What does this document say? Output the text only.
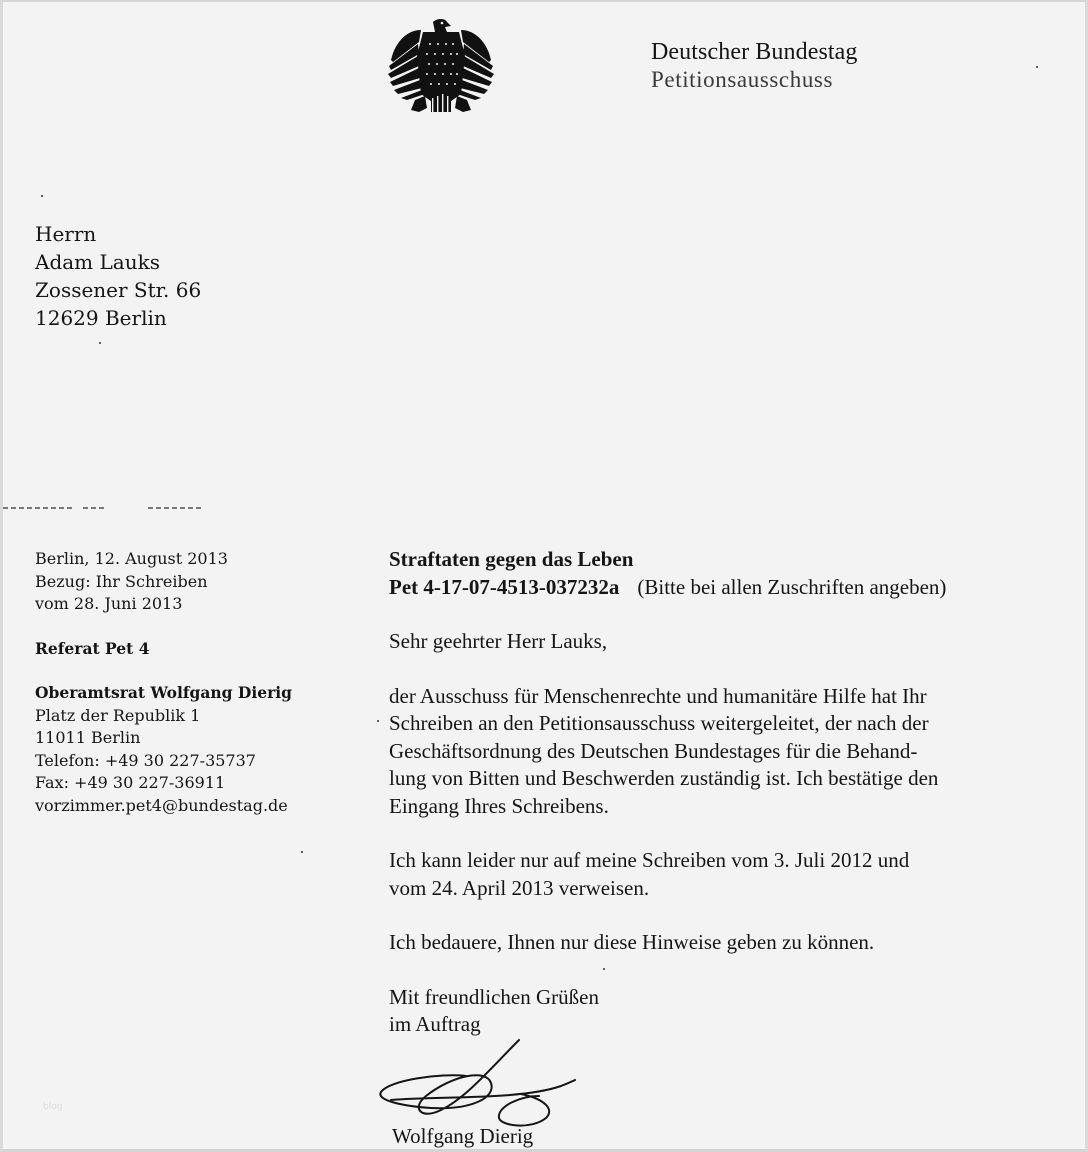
Deutscher Bundestag
Petitionsausschuss
Herrn
Adam Lauks
Zossener Str. 66
12629 Berlin
Berlin, 12. August 2013
Bezug: Ihr Schreiben
vom 28. Juni 2013
Referat Pet 4
Oberamtsrat Wolfgang Dierig
Platz der Republik 1
11011 Berlin
Telefon: +49 30 227-35737
Fax: +49 30 227-36911
vorzimmer.pet4@bundestag.de
Straftaten gegen das Leben
Pet 4-17-07-4513-037232a (Bitte bei allen Zuschriften angeben)
Sehr geehrter Herr Lauks,
der Ausschuss für Menschenrechte und humanitäre Hilfe hat Ihr
Schreiben an den Petitionsausschuss weitergeleitet, der nach der
Geschäftsordnung des Deutschen Bundestages für die Behand-
lung von Bitten und Beschwerden zuständig ist. Ich bestätige den
Eingang Ihres Schreibens.
Ich kann leider nur auf meine Schreiben vom 3. Juli 2012 und
vom 24. April 2013 verweisen.
Ich bedauere, Ihnen nur diese Hinweise geben zu können.
Mit freundlichen Grüßen
im Auftrag
Wolfgang Dierig
blog
